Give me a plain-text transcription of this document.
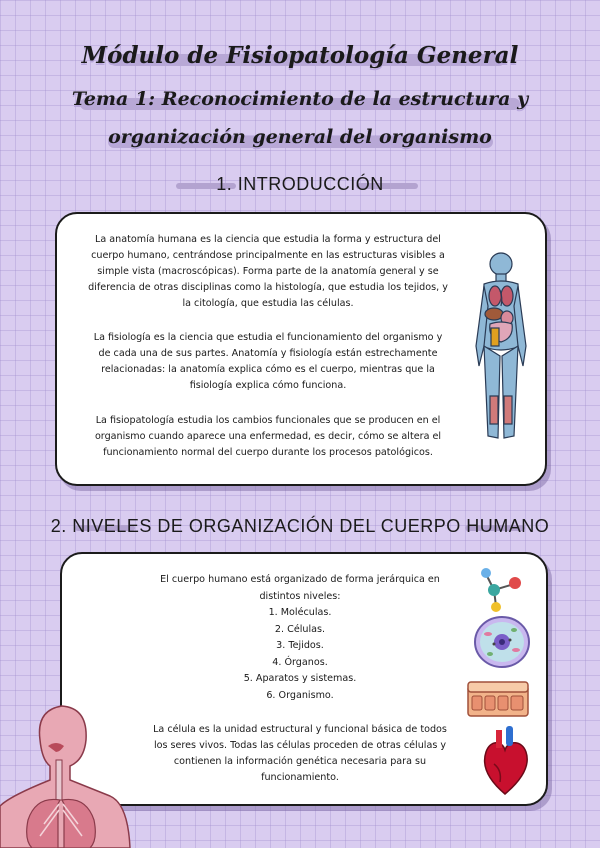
Módulo de Fisiopatología General
Tema 1: Reconocimiento de la estructura y
organización general del organismo
1. INTRODUCCIÓN
La anatomía humana es la ciencia que estudia la forma y estructura del
cuerpo humano, centrándose principalmente en las estructuras visibles a
simple vista (macroscópicas). Forma parte de la anatomía general y se
diferencia de otras disciplinas como la histología, que estudia los tejidos, y
la citología, que estudia las células.
La fisiología es la ciencia que estudia el funcionamiento del organismo y
de cada una de sus partes. Anatomía y fisiología están estrechamente
relacionadas: la anatomía explica cómo es el cuerpo, mientras que la
fisiología explica cómo funciona.
La fisiopatología estudia los cambios funcionales que se producen en el
organismo cuando aparece una enfermedad, es decir, cómo se altera el
funcionamiento normal del cuerpo durante los procesos patológicos.
2. NIVELES DE ORGANIZACIÓN DEL CUERPO HUMANO
El cuerpo humano está organizado de forma jerárquica en
distintos niveles:
1. Moléculas.
2. Células.
3. Tejidos.
4. Órganos.
5. Aparatos y sistemas.
6. Organismo.
La célula es la unidad estructural y funcional básica de todos
los seres vivos. Todas las células proceden de otras células y
contienen la información genética necesaria para su
funcionamiento.
